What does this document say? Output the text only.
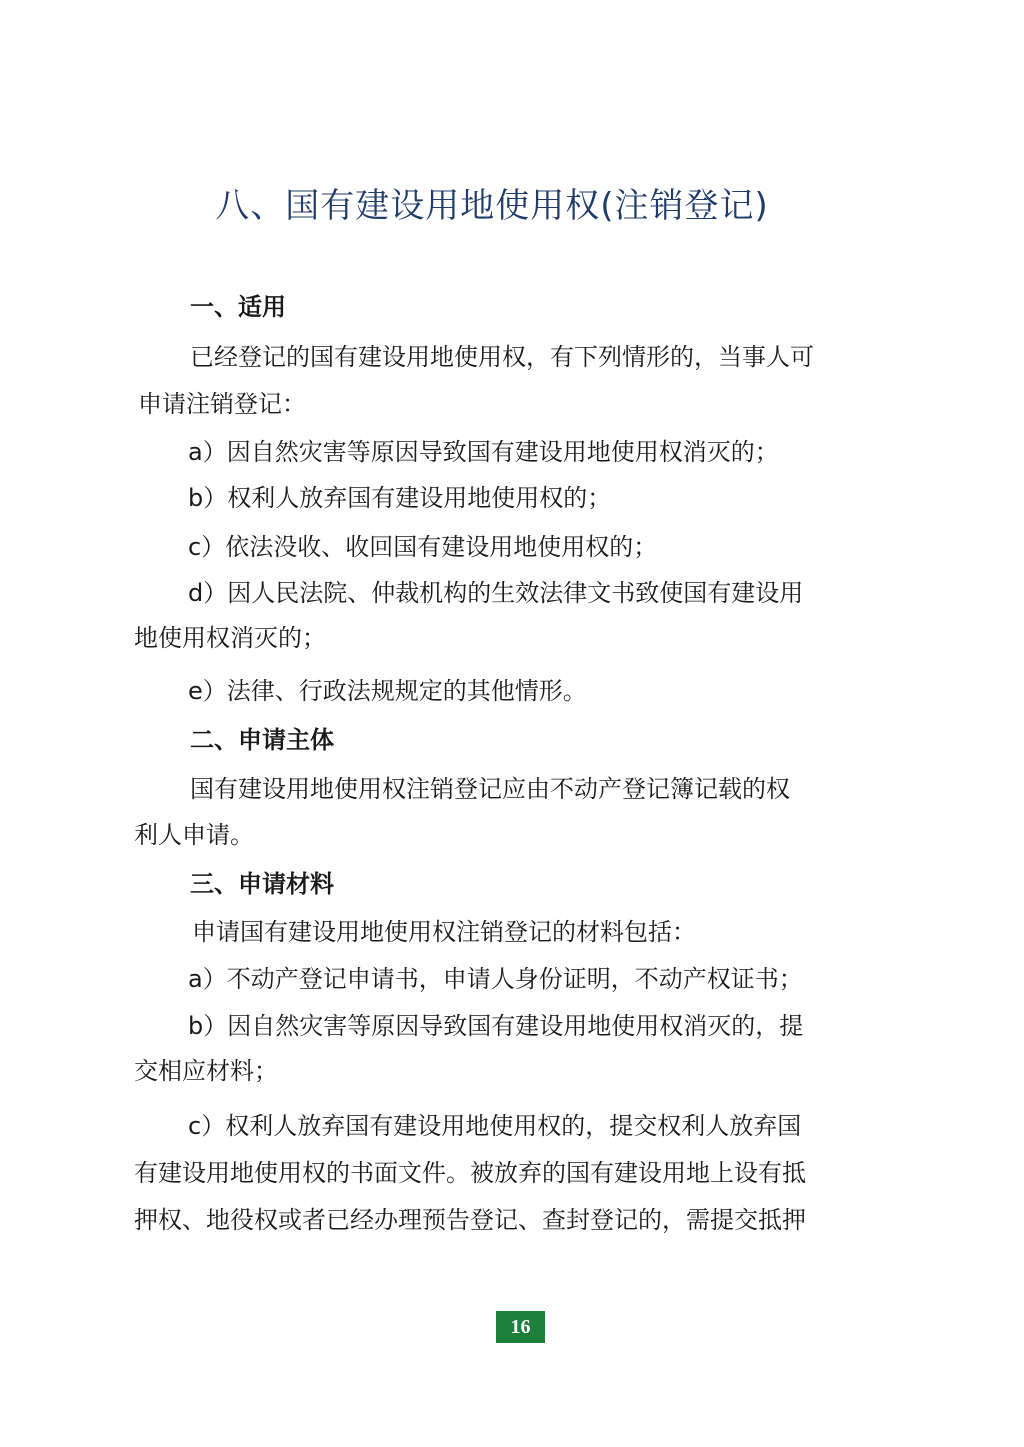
八、国有建设用地使用权(注销登记)
一、适用
已经登记的国有建设用地使用权，有下列情形的，当事人可
申请注销登记：
a）因自然灾害等原因导致国有建设用地使用权消灭的；
b）权利人放弃国有建设用地使用权的；
c）依法没收、收回国有建设用地使用权的；
d）因人民法院、仲裁机构的生效法律文书致使国有建设用
地使用权消灭的；
e）法律、行政法规规定的其他情形。
二、申请主体
国有建设用地使用权注销登记应由不动产登记簿记载的权
利人申请。
三、申请材料
申请国有建设用地使用权注销登记的材料包括：
a）不动产登记申请书，申请人身份证明，不动产权证书；
b）因自然灾害等原因导致国有建设用地使用权消灭的，提
交相应材料；
c）权利人放弃国有建设用地使用权的，提交权利人放弃国
有建设用地使用权的书面文件。被放弃的国有建设用地上设有抵
押权、地役权或者已经办理预告登记、查封登记的，需提交抵押
16
